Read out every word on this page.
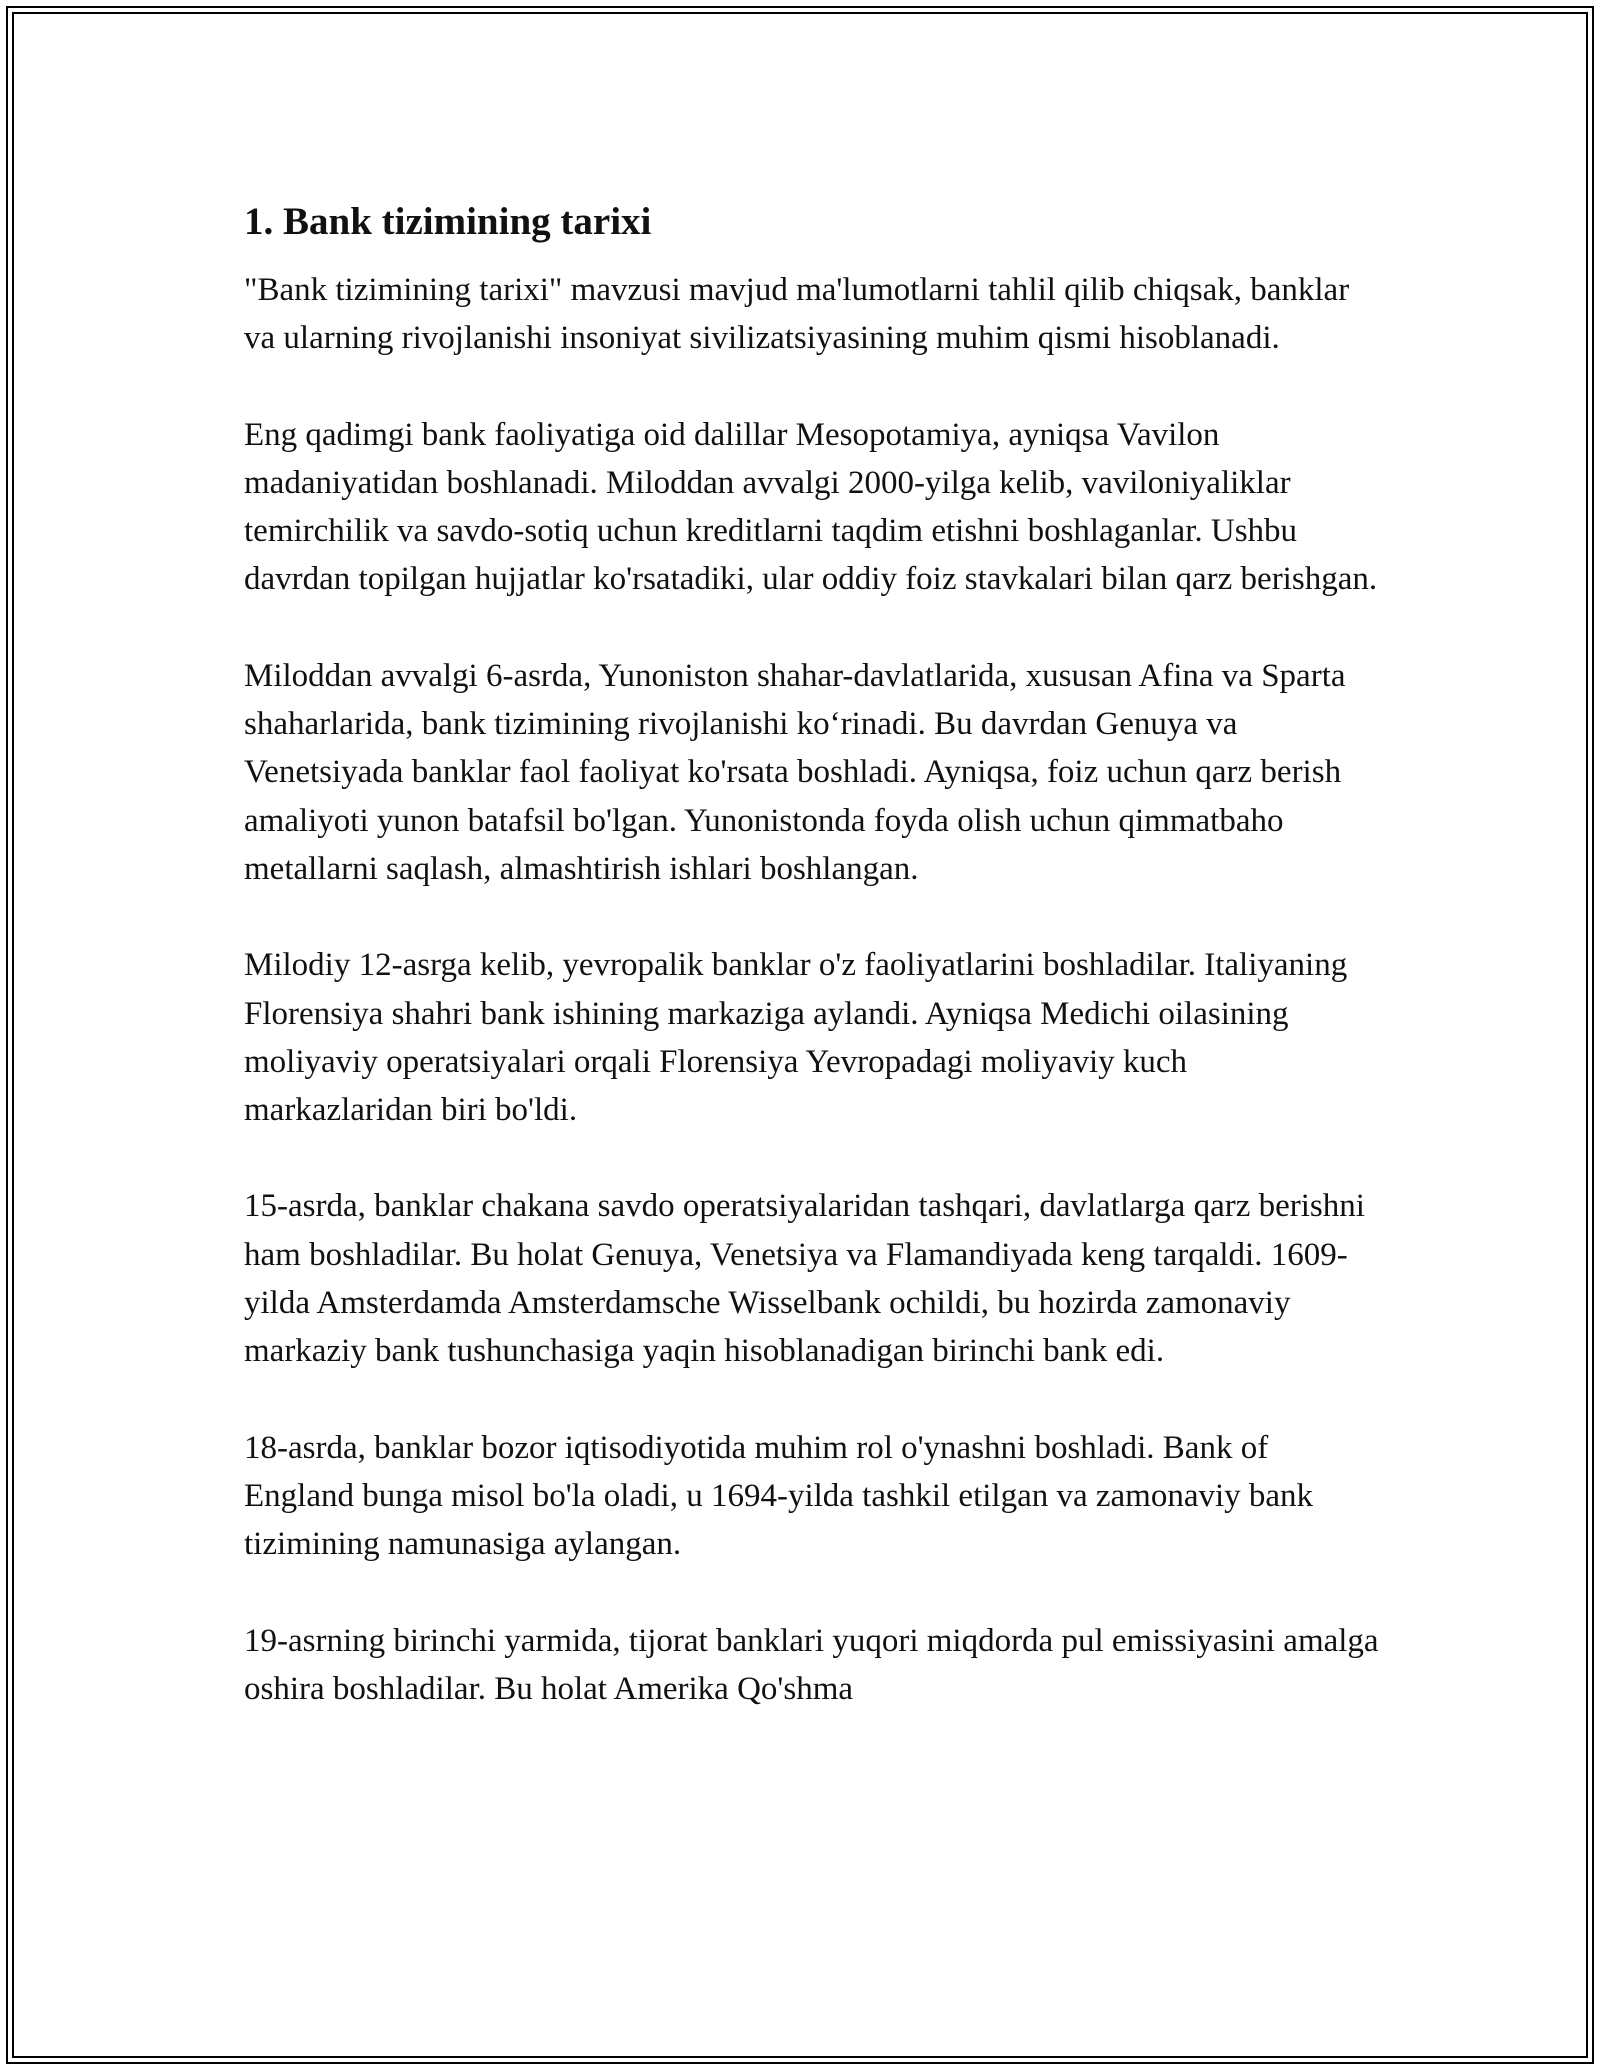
1. Bank tizimining tarixi

"Bank tizimining tarixi" mavzusi mavjud ma'lumotlarni tahlil qilib chiqsak, banklar va ularning rivojlanishi insoniyat sivilizatsiyasining muhim qismi hisoblanadi.

Eng qadimgi bank faoliyatiga oid dalillar Mesopotamiya, ayniqsa Vavilon madaniyatidan boshlanadi. Miloddan avvalgi 2000-yilga kelib, vaviloniyaliklar temirchilik va savdo-sotiq uchun kreditlarni taqdim etishni boshlaganlar. Ushbu davrdan topilgan hujjatlar ko'rsatadiki, ular oddiy foiz stavkalari bilan qarz berishgan.

Miloddan avvalgi 6-asrda, Yunoniston shahar-davlatlarida, xususan Afina va Sparta shaharlarida, bank tizimining rivojlanishi ko‘rinadi. Bu davrdan Genuya va Venetsiyada banklar faol faoliyat ko'rsata boshladi. Ayniqsa, foiz uchun qarz berish amaliyoti yunon batafsil bo'lgan. Yunonistonda foyda olish uchun qimmatbaho metallarni saqlash, almashtirish ishlari boshlangan.

Milodiy 12-asrga kelib, yevropalik banklar o'z faoliyatlarini boshladilar. Italiyaning Florensiya shahri bank ishining markaziga aylandi. Ayniqsa Medichi oilasining moliyaviy operatsiyalari orqali Florensiya Yevropadagi moliyaviy kuch markazlaridan biri bo'ldi.

15-asrda, banklar chakana savdo operatsiyalaridan tashqari, davlatlarga qarz berishni ham boshladilar. Bu holat Genuya, Venetsiya va Flamandiyada keng tarqaldi. 1609-yilda Amsterdamda Amsterdamsche Wisselbank ochildi, bu hozirda zamonaviy markaziy bank tushunchasiga yaqin hisoblanadigan birinchi bank edi.

18-asrda, banklar bozor iqtisodiyotida muhim rol o'ynashni boshladi. Bank of England bunga misol bo'la oladi, u 1694-yilda tashkil etilgan va zamonaviy bank tizimining namunasiga aylangan.

19-asrning birinchi yarmida, tijorat banklari yuqori miqdorda pul emissiyasini amalga oshira boshladilar. Bu holat Amerika Qo'shma
